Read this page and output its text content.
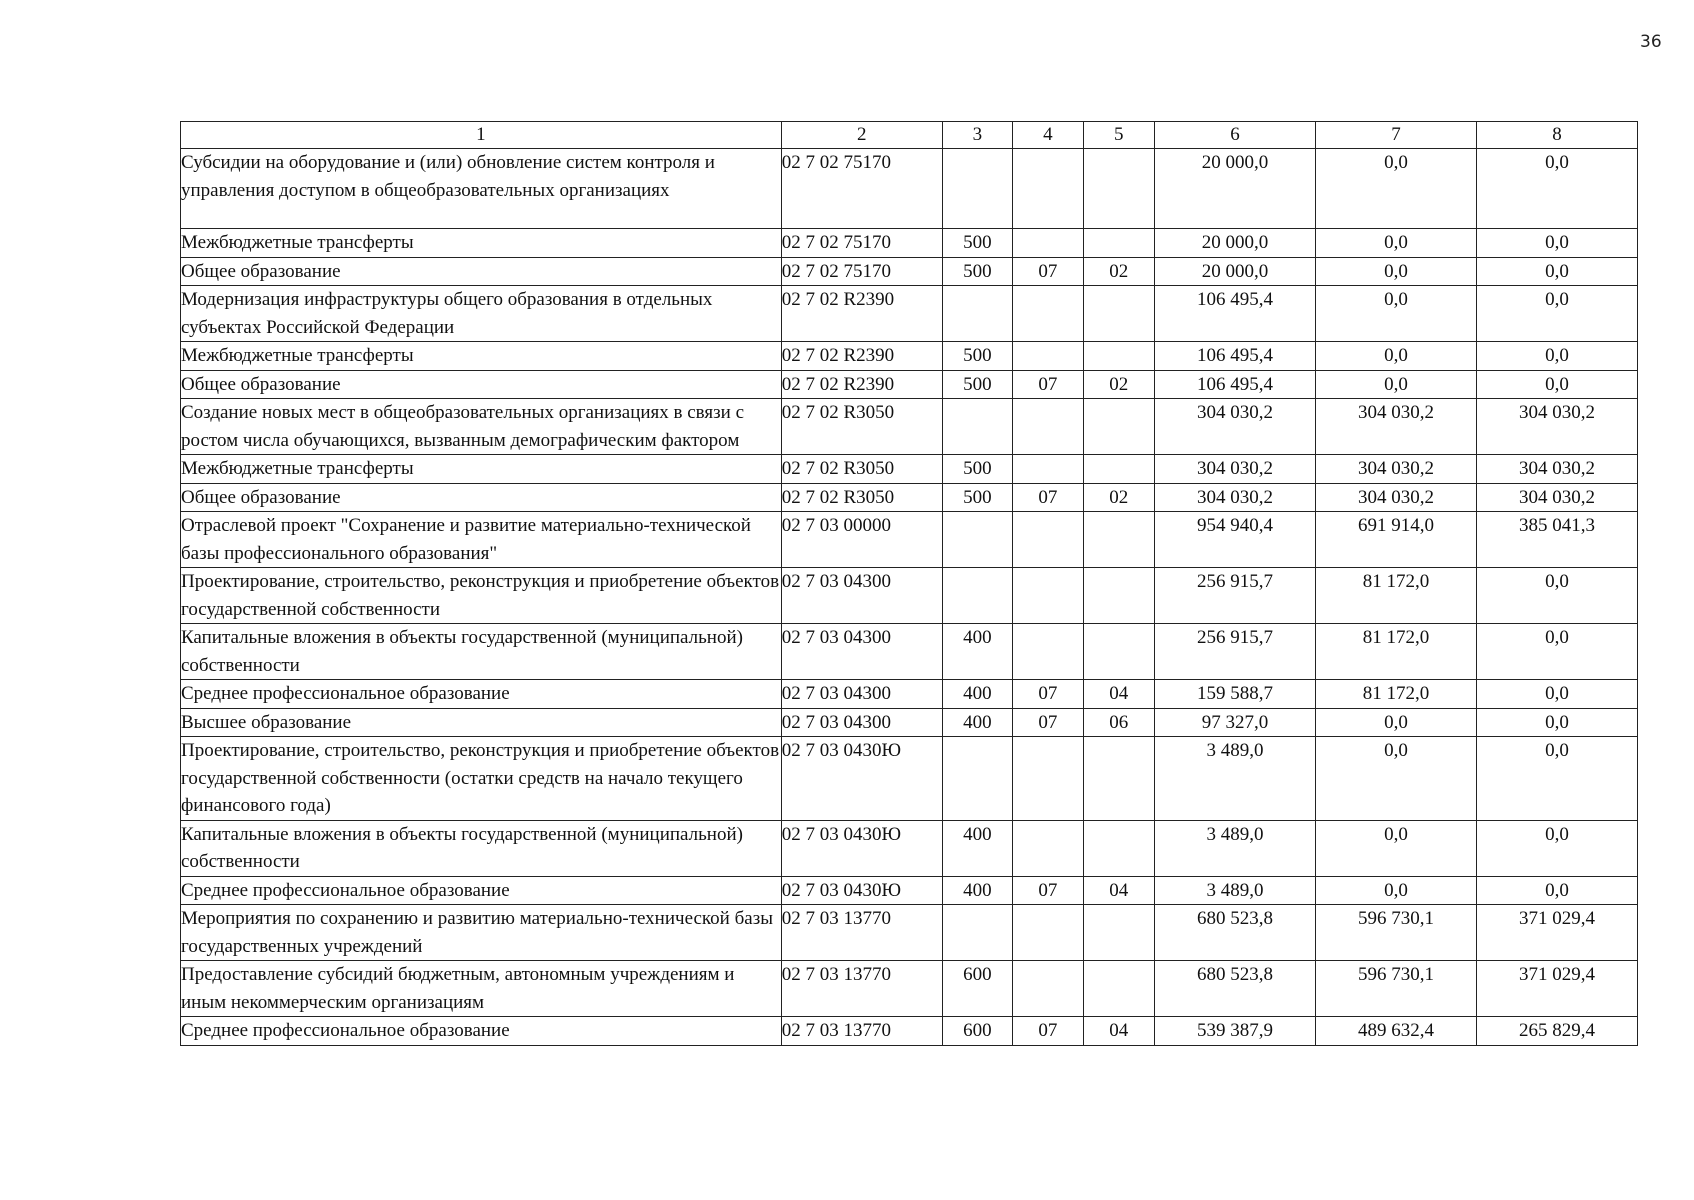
36
1	2	3	4	5	6	7	8
Субсидии на оборудование и (или) обновление систем контроля и управления доступом в общеобразовательных организациях	02 7 02 75170				20 000,0	0,0	0,0
Межбюджетные трансферты	02 7 02 75170	500			20 000,0	0,0	0,0
Общее образование	02 7 02 75170	500	07	02	20 000,0	0,0	0,0
Модернизация инфраструктуры общего образования в отдельных субъектах Российской Федерации	02 7 02 R2390				106 495,4	0,0	0,0
Межбюджетные трансферты	02 7 02 R2390	500			106 495,4	0,0	0,0
Общее образование	02 7 02 R2390	500	07	02	106 495,4	0,0	0,0
Создание новых мест в общеобразовательных организациях в связи с ростом числа обучающихся, вызванным демографическим фактором	02 7 02 R3050				304 030,2	304 030,2	304 030,2
Межбюджетные трансферты	02 7 02 R3050	500			304 030,2	304 030,2	304 030,2
Общее образование	02 7 02 R3050	500	07	02	304 030,2	304 030,2	304 030,2
Отраслевой проект "Сохранение и развитие материально-технической базы профессионального образования"	02 7 03 00000				954 940,4	691 914,0	385 041,3
Проектирование, строительство, реконструкция и приобретение объектов государственной собственности	02 7 03 04300				256 915,7	81 172,0	0,0
Капитальные вложения в объекты государственной (муниципальной) собственности	02 7 03 04300	400			256 915,7	81 172,0	0,0
Среднее профессиональное образование	02 7 03 04300	400	07	04	159 588,7	81 172,0	0,0
Высшее образование	02 7 03 04300	400	07	06	97 327,0	0,0	0,0
Проектирование, строительство, реконструкция и приобретение объектов государственной собственности (остатки средств на начало текущего финансового года)	02 7 03 0430Ю				3 489,0	0,0	0,0
Капитальные вложения в объекты государственной (муниципальной) собственности	02 7 03 0430Ю	400			3 489,0	0,0	0,0
Среднее профессиональное образование	02 7 03 0430Ю	400	07	04	3 489,0	0,0	0,0
Мероприятия по сохранению и развитию материально-технической базы государственных учреждений	02 7 03 13770				680 523,8	596 730,1	371 029,4
Предоставление субсидий бюджетным, автономным учреждениям и иным некоммерческим организациям	02 7 03 13770	600			680 523,8	596 730,1	371 029,4
Среднее профессиональное образование	02 7 03 13770	600	07	04	539 387,9	489 632,4	265 829,4
